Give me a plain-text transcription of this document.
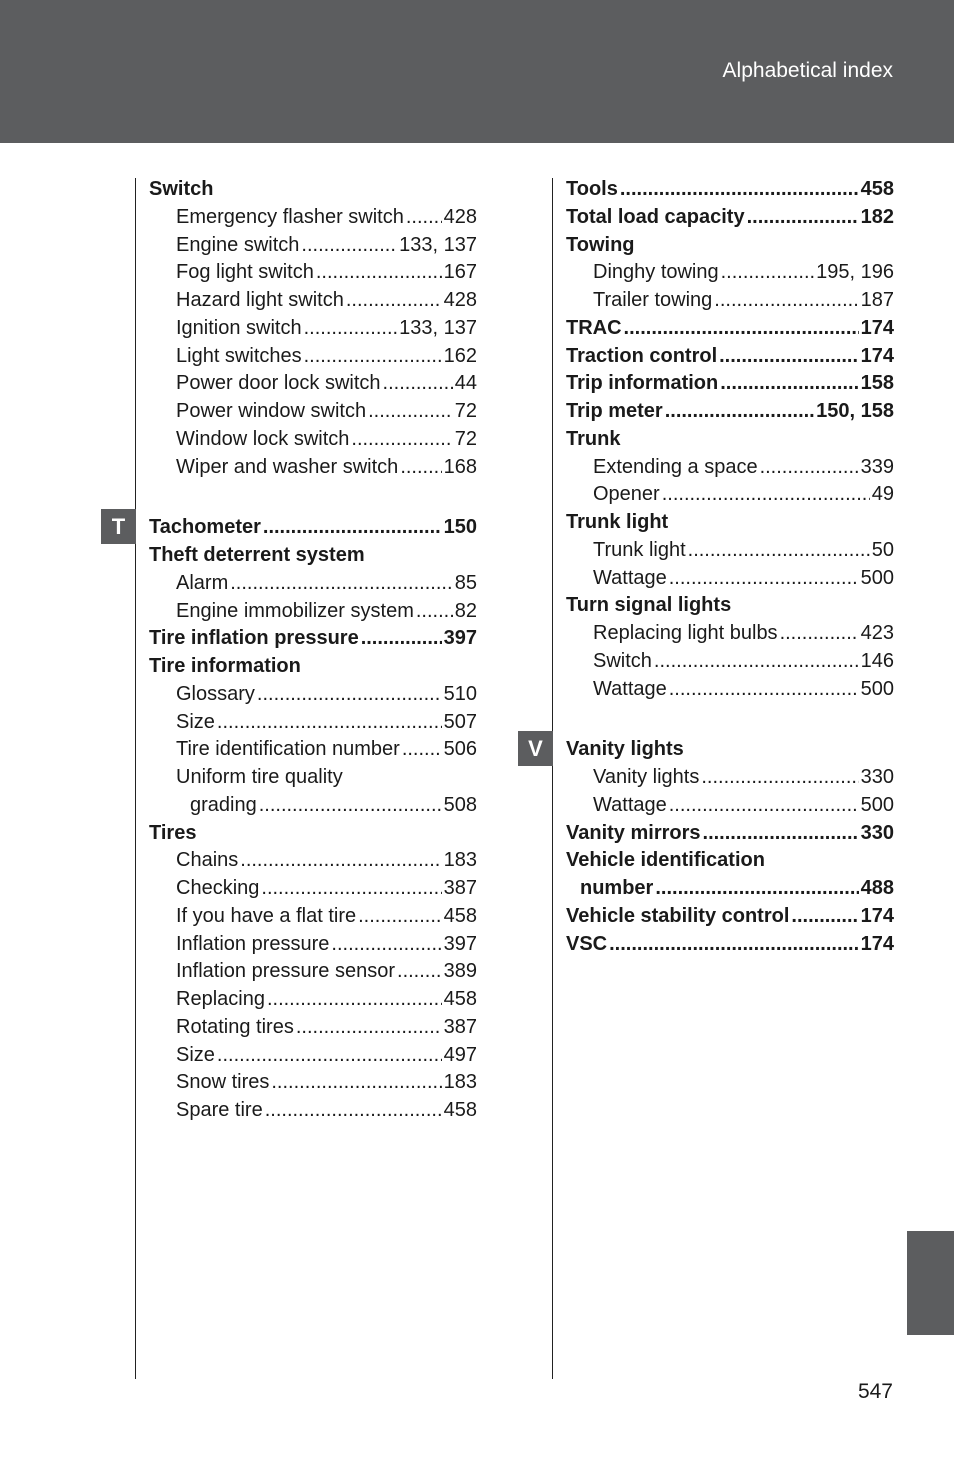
Alphabetical index
T
V
Switch
Emergency flasher switch ..... 428
Engine switch .....	133, 137
Fog light switch .....	167
Hazard light switch .....	428
Ignition switch .....	133, 137
Light switches .....	162
Power door lock switch .....	44
Power window switch .....	72
Window lock switch .....	72
Wiper and washer switch ..... 168
Tachometer .....	150
Theft deterrent system
Alarm .....	85
Engine immobilizer system ..... 82
Tire inflation pressure .....	397
Tire information
Glossary .....	510
Size .....	507
Tire identification number ..... 506
Uniform tire quality
grading .....	508
Tires
Chains .....	183
Checking .....	387
If you have a flat tire .....	458
Inflation pressure .....	397
Inflation pressure sensor ..... 389
Replacing .....	458
Rotating tires .....	387
Size .....	497
Snow tires .....	183
Spare tire .....	458
Tools .....	458
Total load capacity .....	182
Towing
Dinghy towing .....	195, 196
Trailer towing .....	187
TRAC .....	174
Traction control .....	174
Trip information .....	158
Trip meter .....	150, 158
Trunk
Extending a space .....	339
Opener .....	49
Trunk light
Trunk light .....	50
Wattage .....	500
Turn signal lights
Replacing light bulbs .....	423
Switch .....	146
Wattage .....	500
Vanity lights
Vanity lights .....	330
Wattage .....	500
Vanity mirrors .....	330
Vehicle identification
number .....	488
Vehicle stability control .....	174
VSC .....	174
547
